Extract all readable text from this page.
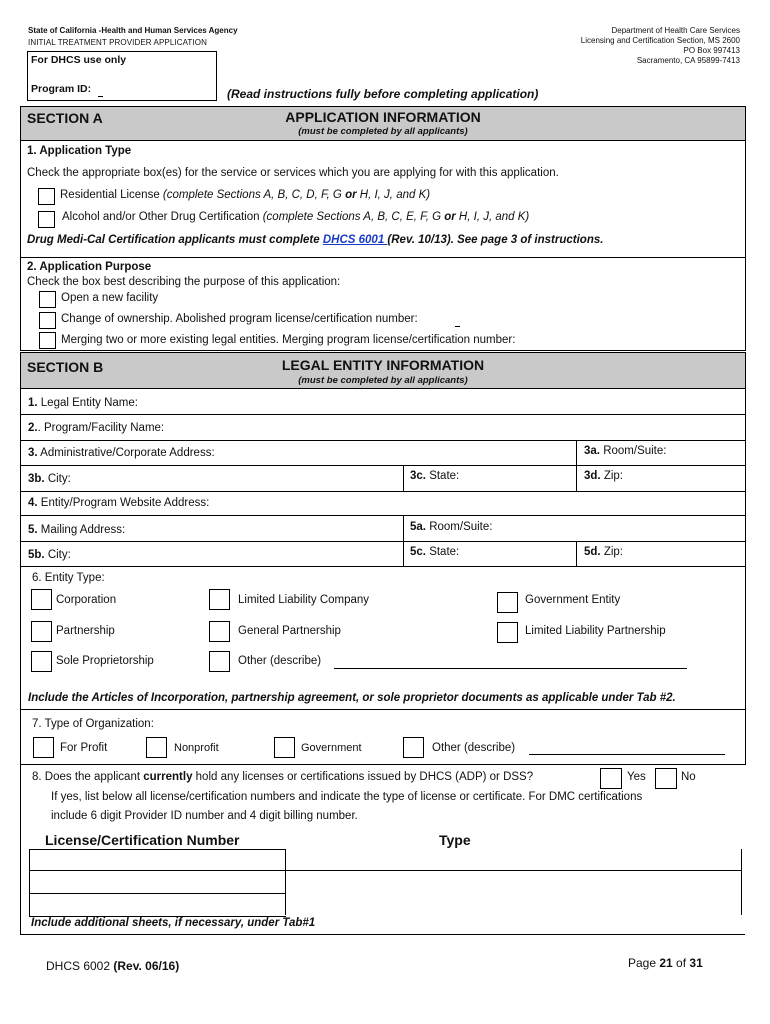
State of California -Health and Human Services Agency
INITIAL TREATMENT PROVIDER APPLICATION
Department of Health Care Services
Licensing and Certification Section, MS 2600
PO Box 997413
Sacramento, CA 95899-7413
For DHCS use only
Program ID:	(Read instructions fully before completing application)
SECTION A	APPLICATION INFORMATION
(must be completed by all applicants)
1. Application Type
Check the appropriate box(es) for the service or services which you are applying for with this application.
Residential License (complete Sections A, B, C, D, F, G or H, I, J, and K)
Alcohol and/or Other Drug Certification (complete Sections A, B, C, E, F, G or H, I, J, and K)
Drug Medi-Cal Certification applicants must complete DHCS 6001 (Rev. 10/13). See page 3 of instructions.
2. Application Purpose
Check the box best describing the purpose of this application:
Open a new facility
Change of ownership. Abolished program license/certification number:
Merging two or more existing legal entities. Merging program license/certification number:
SECTION B	LEGAL ENTITY INFORMATION
(must be completed by all applicants)
1. Legal Entity Name:
2.. Program/Facility Name:
3. Administrative/Corporate Address:	3a. Room/Suite:
3b. City:	3c. State:	3d. Zip:
4. Entity/Program Website Address:
5. Mailing Address:	5a. Room/Suite:
5b. City:	5c. State:	5d. Zip:
6. Entity Type:
Corporation	Limited Liability Company	Government Entity
Partnership	General Partnership	Limited Liability Partnership
Sole Proprietorship	Other (describe)
Include the Articles of Incorporation, partnership agreement, or sole proprietor documents as applicable under Tab #2.
7. Type of Organization:
For Profit	Nonprofit	Government	Other (describe)
8. Does the applicant currently hold any licenses or certifications issued by DHCS (ADP) or DSS?	Yes	No
If yes, list below all license/certification numbers and indicate the type of license or certificate. For DMC certifications
include 6 digit Provider ID number and 4 digit billing number.
License/Certification Number	Type
Include additional sheets, if necessary, under Tab#1
DHCS 6002 (Rev. 06/16)	Page 21 of 31
